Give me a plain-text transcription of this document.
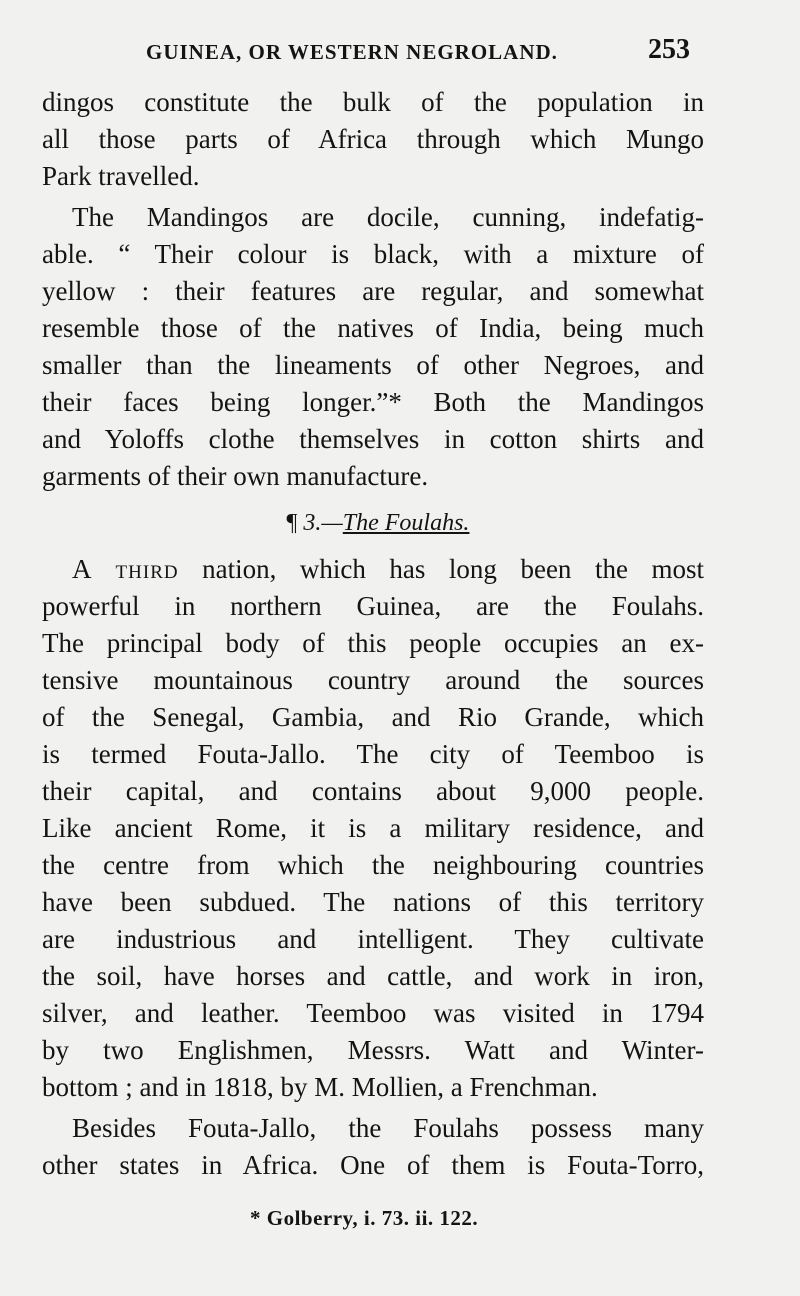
GUINEA, OR WESTERN NEGROLAND.	253
dingos constitute the bulk of the population in
all those parts of Africa through which Mungo
Park travelled.
The Mandingos are docile, cunning, indefatig-
able. “ Their colour is black, with a mixture of
yellow : their features are regular, and somewhat
resemble those of the natives of India, being much
smaller than the lineaments of other Negroes, and
their faces being longer.”* Both the Mandingos
and Yoloffs clothe themselves in cotton shirts and
garments of their own manufacture.
¶ 3.—The Foulahs.
A third nation, which has long been the most
powerful in northern Guinea, are the Foulahs.
The principal body of this people occupies an ex-
tensive mountainous country around the sources
of the Senegal, Gambia, and Rio Grande, which
is termed Fouta-Jallo. The city of Teemboo is
their capital, and contains about 9,000 people.
Like ancient Rome, it is a military residence, and
the centre from which the neighbouring countries
have been subdued. The nations of this territory
are industrious and intelligent. They cultivate
the soil, have horses and cattle, and work in iron,
silver, and leather. Teemboo was visited in 1794
by two Englishmen, Messrs. Watt and Winter-
bottom ; and in 1818, by M. Mollien, a Frenchman.
Besides Fouta-Jallo, the Foulahs possess many
other states in Africa. One of them is Fouta-Torro,
* Golberry, i. 73. ii. 122.
